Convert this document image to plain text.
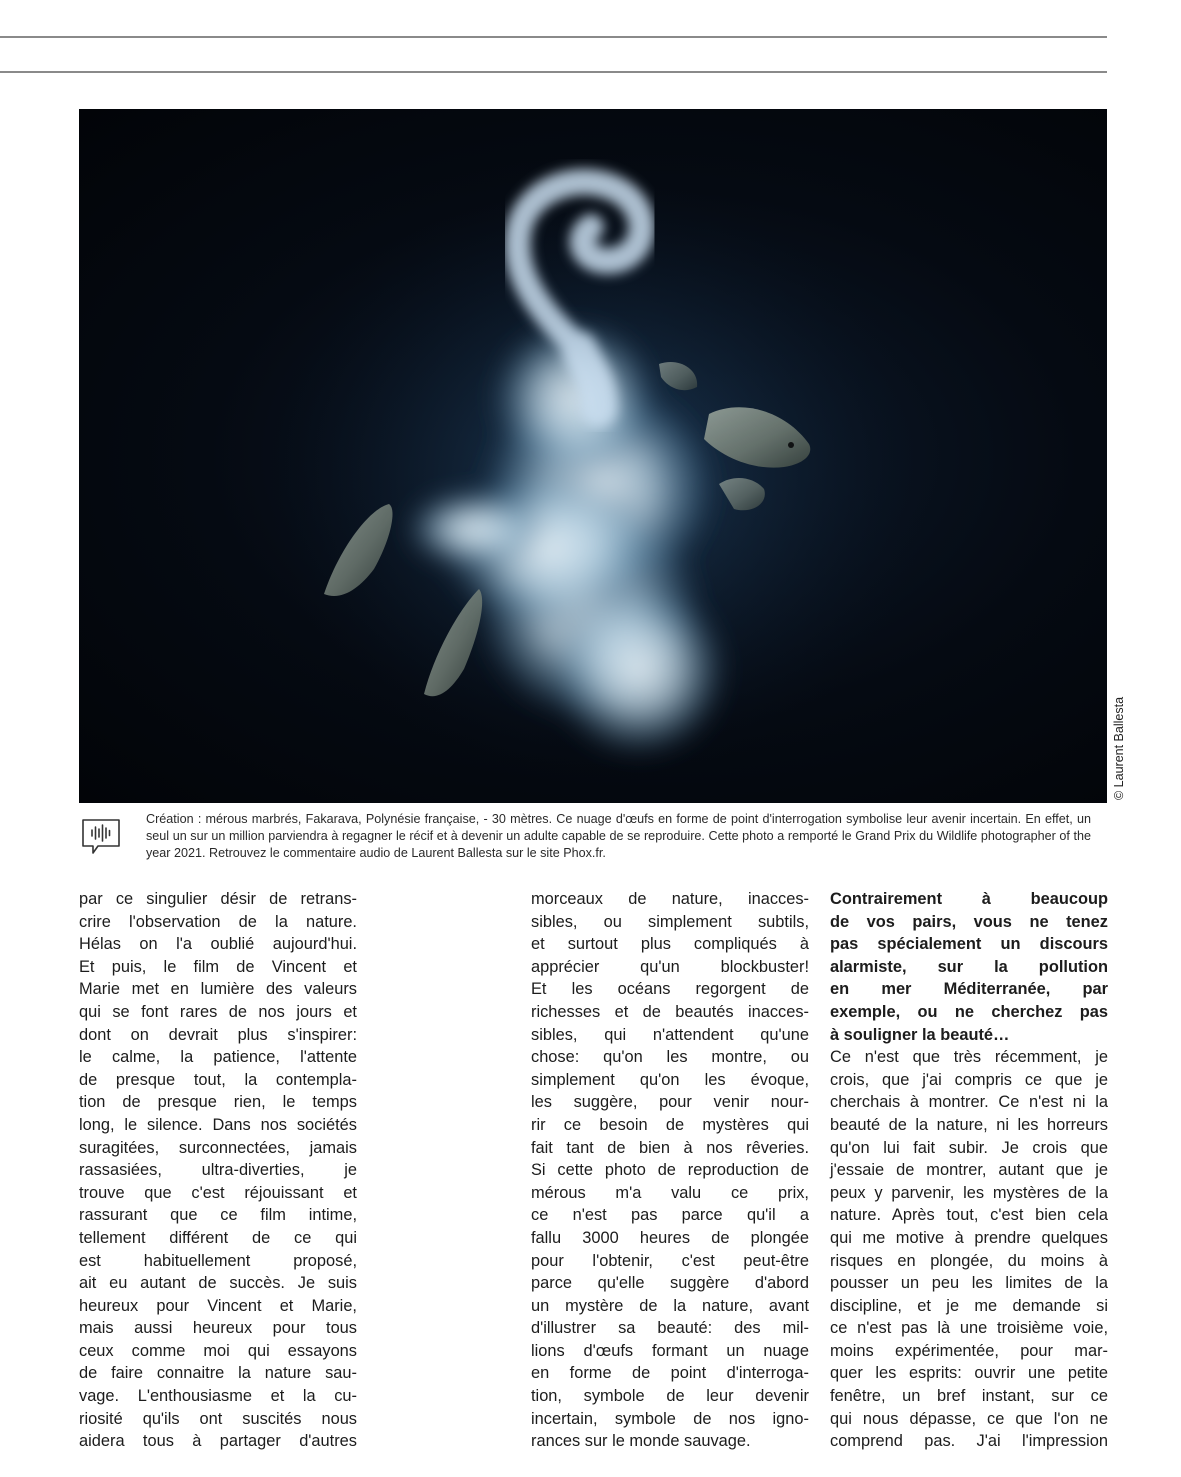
© Laurent Ballesta
Création : mérous marbrés, Fakarava, Polynésie française, - 30 mètres. Ce nuage d'œufs en forme de point d'interrogation symbolise leur avenir incertain. En effet, un seul un sur un million parviendra à regagner le récif et à devenir un adulte capable de se reproduire. Cette photo a remporté le Grand Prix du Wildlife photographer of the year 2021. Retrouvez le commentaire audio de Laurent Ballesta sur le site Phox.fr.
par ce singulier désir de retrans-
crire l'observation de la nature.
Hélas on l'a oublié aujourd'hui.
Et puis, le film de Vincent et
Marie met en lumière des valeurs
qui se font rares de nos jours et
dont on devrait plus s'inspirer:
le calme, la patience, l'attente
de presque tout, la contempla-
tion de presque rien, le temps
long, le silence. Dans nos sociétés
suragitées, surconnectées, jamais
rassasiées, ultra-diverties, je
trouve que c'est réjouissant et
rassurant que ce film intime,
tellement différent de ce qui
est habituellement proposé,
ait eu autant de succès. Je suis
heureux pour Vincent et Marie,
mais aussi heureux pour tous
ceux comme moi qui essayons
de faire connaitre la nature sau-
vage. L'enthousiasme et la cu-
riosité qu'ils ont suscités nous
aidera tous à partager d'autres
morceaux de nature, inacces-
sibles, ou simplement subtils,
et surtout plus compliqués à
apprécier qu'un blockbuster!
Et les océans regorgent de
richesses et de beautés inacces-
sibles, qui n'attendent qu'une
chose: qu'on les montre, ou
simplement qu'on les évoque,
les suggère, pour venir nour-
rir ce besoin de mystères qui
fait tant de bien à nos rêveries.
Si cette photo de reproduction de
mérous m'a valu ce prix,
ce n'est pas parce qu'il a
fallu 3000 heures de plongée
pour l'obtenir, c'est peut-être
parce qu'elle suggère d'abord
un mystère de la nature, avant
d'illustrer sa beauté: des mil-
lions d'œufs formant un nuage
en forme de point d'interroga-
tion, symbole de leur devenir
incertain, symbole de nos igno-
rances sur le monde sauvage.
Contrairement à beaucoup
de vos pairs, vous ne tenez
pas spécialement un discours
alarmiste, sur la pollution
en mer Méditerranée, par
exemple, ou ne cherchez pas
à souligner la beauté…
Ce n'est que très récemment, je
crois, que j'ai compris ce que je
cherchais à montrer. Ce n'est ni la
beauté de la nature, ni les horreurs
qu'on lui fait subir. Je crois que
j'essaie de montrer, autant que je
peux y parvenir, les mystères de la
nature. Après tout, c'est bien cela
qui me motive à prendre quelques
risques en plongée, du moins à
pousser un peu les limites de la
discipline, et je me demande si
ce n'est pas là une troisième voie,
moins expérimentée, pour mar-
quer les esprits: ouvrir une petite
fenêtre, un bref instant, sur ce
qui nous dépasse, ce que l'on ne
comprend pas. J'ai l'impression
